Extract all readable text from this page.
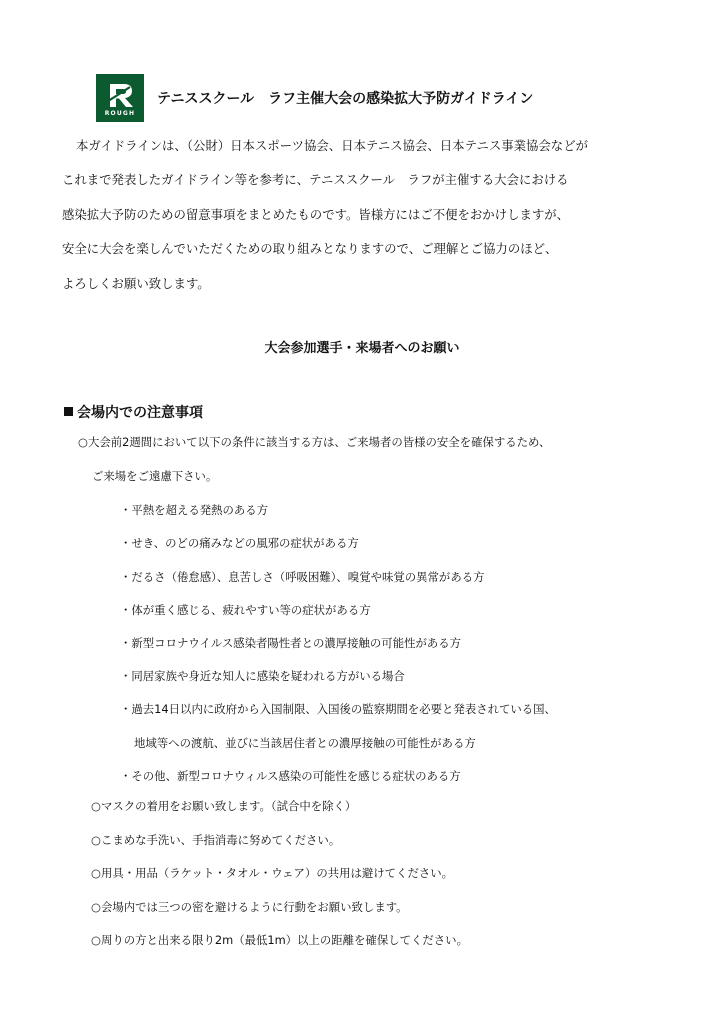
ROUGH
テニススクール　ラフ主催大会の感染拡大予防ガイドライン
本ガイドラインは、（公財）日本スポーツ協会、日本テニス協会、日本テニス事業協会などが
これまで発表したガイドライン等を参考に、テニススクール　ラフが主催する大会における
感染拡大予防のための留意事項をまとめたものです。皆様方にはご不便をおかけしますが、
安全に大会を楽しんでいただくための取り組みとなりますので、ご理解とご協力のほど、
よろしくお願い致します。
大会参加選手・来場者へのお願い
会場内での注意事項
○大会前2週間において以下の条件に該当する方は、ご来場者の皆様の安全を確保するため、
ご来場をご遠慮下さい。
・平熱を超える発熱のある方
・せき、のどの痛みなどの風邪の症状がある方
・だるさ（倦怠感）、息苦しさ（呼吸困難）、嗅覚や味覚の異常がある方
・体が重く感じる、疲れやすい等の症状がある方
・新型コロナウイルス感染者陽性者との濃厚接触の可能性がある方
・同居家族や身近な知人に感染を疑われる方がいる場合
・過去14日以内に政府から入国制限、入国後の監察期間を必要と発表されている国、
地域等への渡航、並びに当該居住者との濃厚接触の可能性がある方
・その他、新型コロナウィルス感染の可能性を感じる症状のある方
○マスクの着用をお願い致します。（試合中を除く）
○こまめな手洗い、手指消毒に努めてください。
○用具・用品（ラケット・タオル・ウェア）の共用は避けてください。
○会場内では三つの密を避けるように行動をお願い致します。
○周りの方と出来る限り2m（最低1m）以上の距離を確保してください。
